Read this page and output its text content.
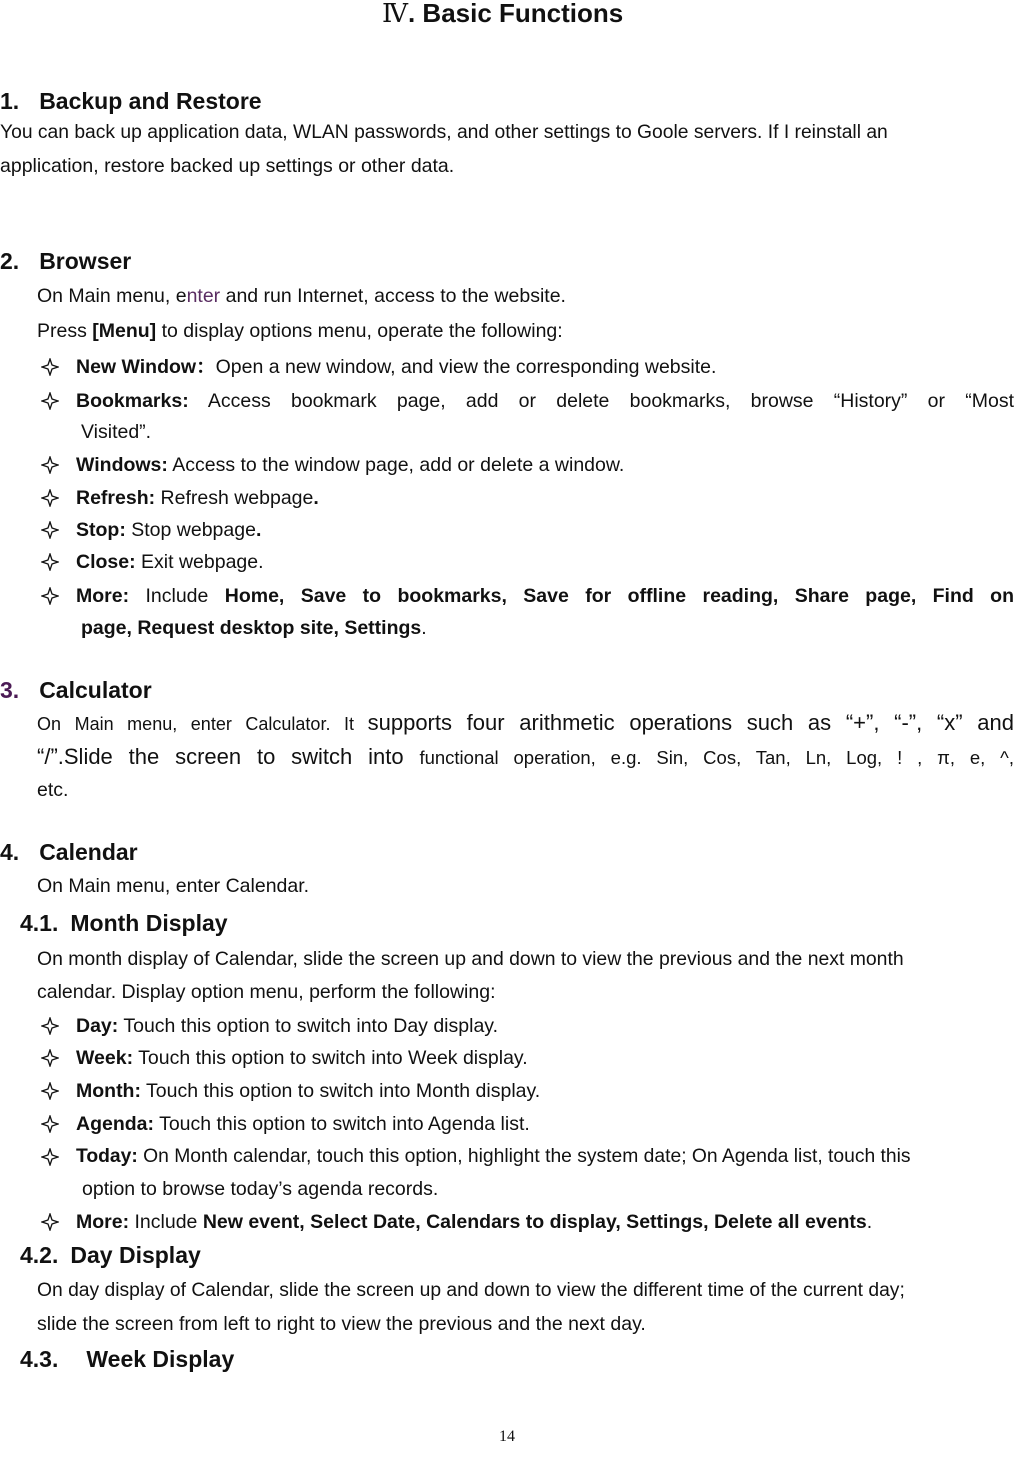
Ⅳ. Basic Functions
1. Backup and Restore
You can back up application data, WLAN passwords, and other settings to Goole servers. If I reinstall an
application, restore backed up settings or other data.
2. Browser
On Main menu, enter and run Internet, access to the website.
Press [Menu] to display options menu, operate the following:
New Window：Open a new window, and view the corresponding website.
Bookmarks: Access bookmark page, add or delete bookmarks, browse “History” or “Most
Visited”.
Windows: Access to the window page, add or delete a window.
Refresh: Refresh webpage.
Stop: Stop webpage.
Close: Exit webpage.
More: Include Home, Save to bookmarks, Save for offline reading, Share page, Find on
page, Request desktop site, Settings.
3. Calculator
On Main menu, enter Calculator. It supports four arithmetic operations such as “+”, “-”, “x” and
“/”.Slide the screen to switch into functional operation, e.g. Sin, Cos, Tan, Ln, Log, ! , π, e, ^,
etc.
4. Calendar
On Main menu, enter Calendar.
4.1. Month Display
On month display of Calendar, slide the screen up and down to view the previous and the next month
calendar. Display option menu, perform the following:
Day: Touch this option to switch into Day display.
Week: Touch this option to switch into Week display.
Month: Touch this option to switch into Month display.
Agenda: Touch this option to switch into Agenda list.
Today: On Month calendar, touch this option, highlight the system date; On Agenda list, touch this
option to browse today’s agenda records.
More: Include New event, Select Date, Calendars to display, Settings, Delete all events.
4.2. Day Display
On day display of Calendar, slide the screen up and down to view the different time of the current day;
slide the screen from left to right to view the previous and the next day.
4.3. Week Display
14
